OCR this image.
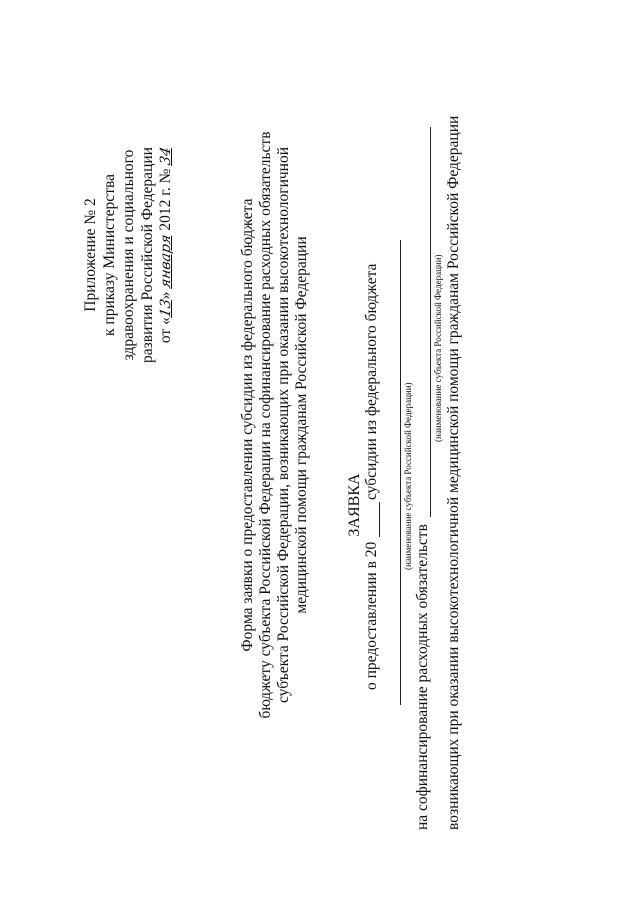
Приложение № 2 к приказу Министерства здравоохранения и социального развития Российской Федерации от «13» января 2012 г. № 34
Форма заявки о предоставлении субсидии из федерального бюджета бюджету субъекта Российской Федерации на софинансирование расходных обязательств субъекта Российской Федерации, возникающих при оказании высокотехнологичной медицинской помощи гражданам Российской Федерации ЗАЯВКА
о предоставлении в 20
субсидии из федерального бюджета	(наименование субъекта Российской Федерации)
на софинансирование расходных обязательств
(наименование субъекта Российской Федерации) возникающих при оказании высокотехнологичной медицинской помощи гражданам Российской Федерации
